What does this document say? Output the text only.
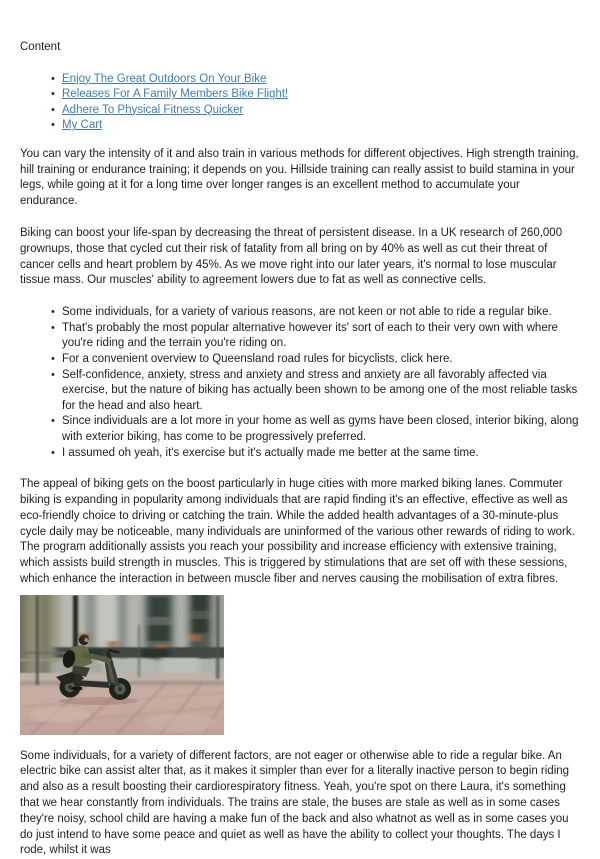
Content

• Enjoy The Great Outdoors On Your Bike
• Releases For A Family Members Bike Flight!
• Adhere To Physical Fitness Quicker
• My Cart

You can vary the intensity of it and also train in various methods for different objectives. High strength training, hill training or endurance training; it depends on you. Hillside training can really assist to build stamina in your legs, while going at it for a long time over longer ranges is an excellent method to accumulate your endurance.

Biking can boost your life-span by decreasing the threat of persistent disease. In a UK research of 260,000 grownups, those that cycled cut their risk of fatality from all bring on by 40% as well as cut their threat of cancer cells and heart problem by 45%. As we move right into our later years, it's normal to lose muscular tissue mass. Our muscles' ability to agreement lowers due to fat as well as connective cells.

• Some individuals, for a variety of various reasons, are not keen or not able to ride a regular bike.
• That's probably the most popular alternative however its' sort of each to their very own with where you're riding and the terrain you're riding on.
• For a convenient overview to Queensland road rules for bicyclists, click here.
• Self-confidence, anxiety, stress and anxiety and stress and anxiety are all favorably affected via exercise, but the nature of biking has actually been shown to be among one of the most reliable tasks for the head and also heart.
• Since individuals are a lot more in your home as well as gyms have been closed, interior biking, along with exterior biking, has come to be progressively preferred.
• I assumed oh yeah, it's exercise but it's actually made me better at the same time.

The appeal of biking gets on the boost particularly in huge cities with more marked biking lanes. Commuter biking is expanding in popularity among individuals that are rapid finding it's an effective, effective as well as eco-friendly choice to driving or catching the train. While the added health advantages of a 30-minute-plus cycle daily may be noticeable, many individuals are uninformed of the various other rewards of riding to work. The program additionally assists you reach your possibility and increase efficiency with extensive training, which assists build strength in muscles. This is triggered by stimulations that are set off with these sessions, which enhance the interaction in between muscle fiber and nerves causing the mobilisation of extra fibres.

Some individuals, for a variety of different factors, are not eager or otherwise able to ride a regular bike. An electric bike can assist alter that, as it makes it simpler than ever for a literally inactive person to begin riding and also as a result boosting their cardiorespiratory fitness. Yeah, you're spot on there Laura, it's something that we hear constantly from individuals. The trains are stale, the buses are stale as well as in some cases they're noisy, school child are having a make fun of the back and also whatnot as well as in some cases you do just intend to have some peace and quiet as well as have the ability to collect your thoughts. The days I rode, whilst it was
